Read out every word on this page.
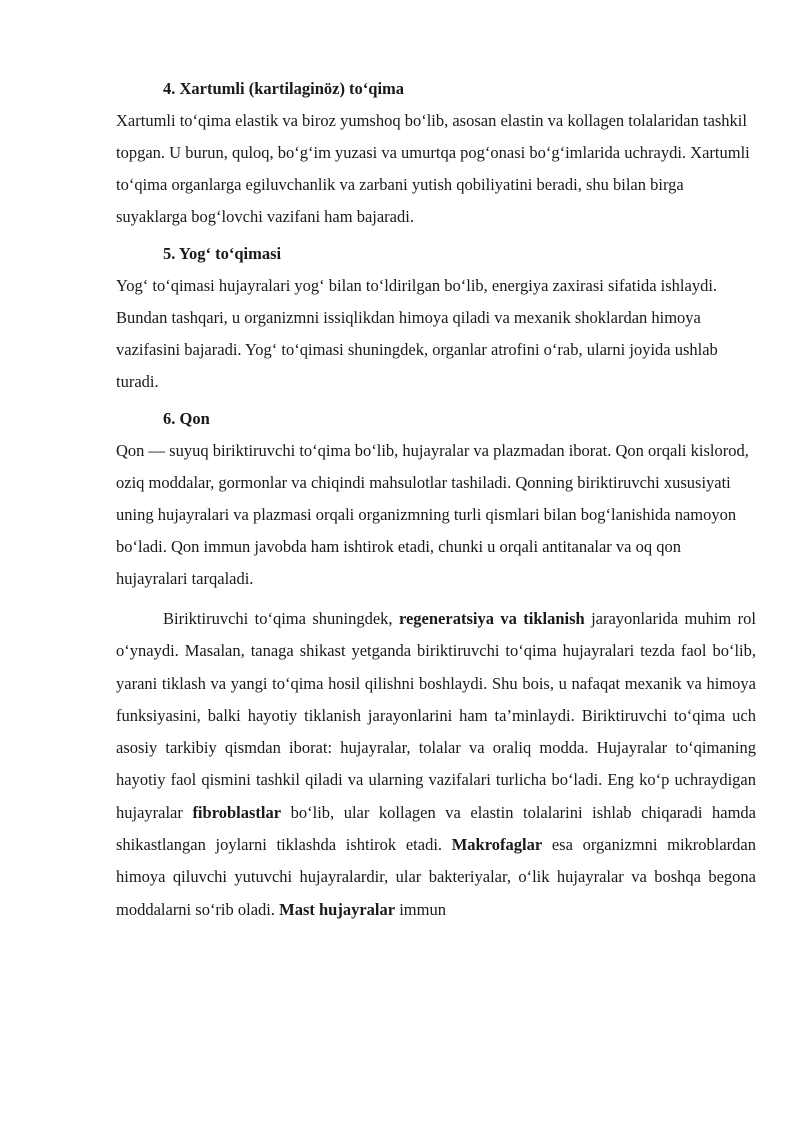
4. Xartumli (kartilaginöz) to‘qima

Xartumli to‘qima elastik va biroz yumshoq bo‘lib, asosan elastin va kollagen tolalaridan tashkil topgan. U burun, quloq, bo‘g‘im yuzasi va umurtqa pog‘onasi bo‘g‘imlarida uchraydi. Xartumli to‘qima organlarga egiluvchanlik va zarbani yutish qobiliyatini beradi, shu bilan birga suyaklarga bog‘lovchi vazifani ham bajaradi.

5. Yog‘ to‘qimasi

Yog‘ to‘qimasi hujayralari yog‘ bilan to‘ldirilgan bo‘lib, energiya zaxirasi sifatida ishlaydi. Bundan tashqari, u organizmni issiqlikdan himoya qiladi va mexanik shoklardan himoya vazifasini bajaradi. Yog‘ to‘qimasi shuningdek, organlar atrofini o‘rab, ularni joyida ushlab turadi.

6. Qon

Qon — suyuq biriktiruvchi to‘qima bo‘lib, hujayralar va plazmadan iborat. Qon orqali kislorod, oziq moddalar, gormonlar va chiqindi mahsulotlar tashiladi. Qonning biriktiruvchi xususiyati uning hujayralari va plazmasi orqali organizmning turli qismlari bilan bog‘lanishida namoyon bo‘ladi. Qon immun javobda ham ishtirok etadi, chunki u orqali antitanalar va oq qon hujayralari tarqaladi.

Biriktiruvchi to‘qima shuningdek, regeneratsiya va tiklanish jarayonlarida muhim rol o‘ynaydi. Masalan, tanaga shikast yetganda biriktiruvchi to‘qima hujayralari tezda faol bo‘lib, yarani tiklash va yangi to‘qima hosil qilishni boshlaydi. Shu bois, u nafaqat mexanik va himoya funksiyasini, balki hayotiy tiklanish jarayonlarini ham ta’minlaydi. Biriktiruvchi to‘qima uch asosiy tarkibiy qismdan iborat: hujayralar, tolalar va oraliq modda. Hujayralar to‘qimaning hayotiy faol qismini tashkil qiladi va ularning vazifalari turlicha bo‘ladi. Eng ko‘p uchraydigan hujayralar fibroblastlar bo‘lib, ular kollagen va elastin tolalarini ishlab chiqaradi hamda shikastlangan joylarni tiklashda ishtirok etadi. Makrofaglar esa organizmni mikroblardan himoya qiluvchi yutuvchi hujayralardir, ular bakteriyalar, o‘lik hujayralar va boshqa begona moddalarni so‘rib oladi. Mast hujayralar immun
